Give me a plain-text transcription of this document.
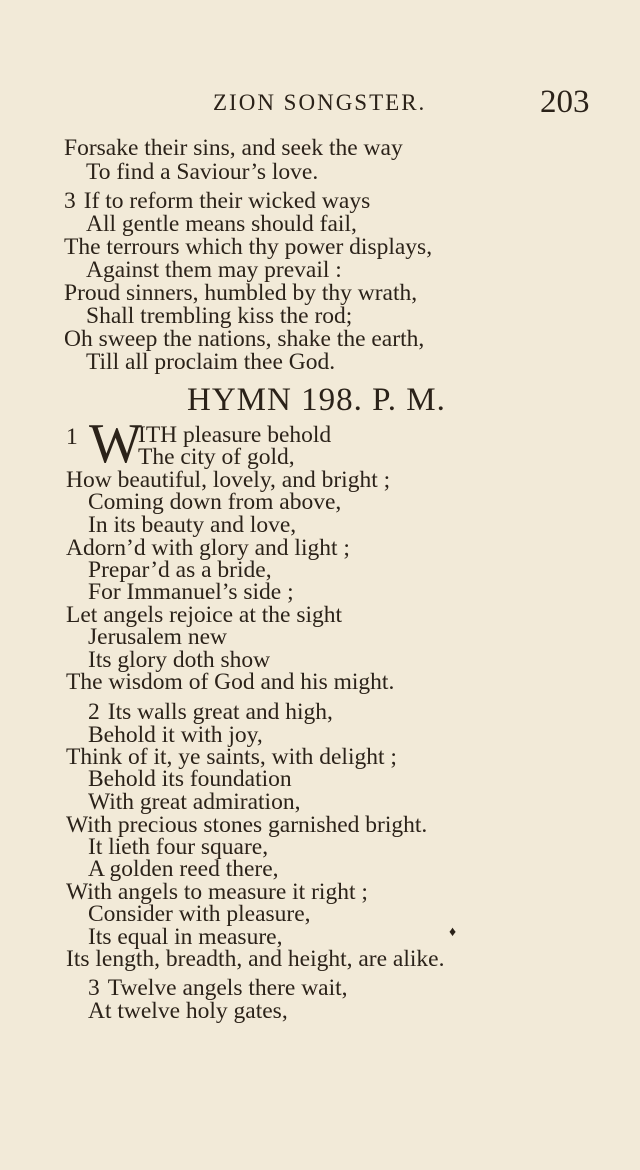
ZION SONGSTER.	203
Forsake their sins, and seek the way
To find a Saviour’s love.
3 If to reform their wicked ways
All gentle means should fail,
The terrours which thy power displays,
Against them may prevail :
Proud sinners, humbled by thy wrath,
Shall trembling kiss the rod;
Oh sweep the nations, shake the earth,
Till all proclaim thee God.
HYMN 198. P. M.
1 W
ITH pleasure behold
The city of gold,
How beautiful, lovely, and bright ;
Coming down from above,
In its beauty and love,
Adorn’d with glory and light ;
Prepar’d as a bride,
For Immanuel’s side ;
Let angels rejoice at the sight
Jerusalem new
Its glory doth show
The wisdom of God and his might.
2 Its walls great and high,
Behold it with joy,
Think of it, ye saints, with delight ;
Behold its foundation
With great admiration,
With precious stones garnished bright.
It lieth four square,
A golden reed there,
With angels to measure it right ;
Consider with pleasure,
Its equal in measure,
Its length, breadth, and height, are alike.
♦
3 Twelve angels there wait,
At twelve holy gates,
